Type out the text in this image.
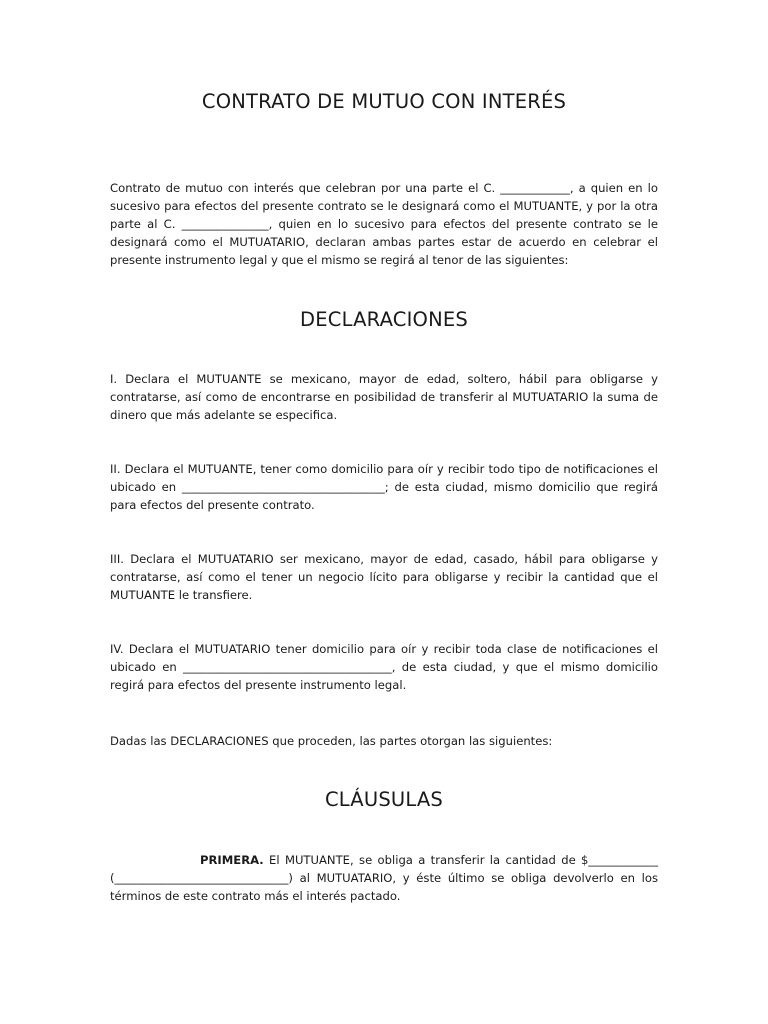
CONTRATO DE MUTUO CON INTERÉS

Contrato de mutuo con interés que celebran por una parte el C. ____________, a quien en lo sucesivo para efectos del presente contrato se le designará como el MUTUANTE, y por la otra parte al C. _______________, quien en lo sucesivo para efectos del presente contrato se le designará como el MUTUATARIO, declaran ambas partes estar de acuerdo en celebrar el presente instrumento legal y que el mismo se regirá al tenor de las siguientes:

DECLARACIONES

I. Declara el MUTUANTE se mexicano, mayor de edad, soltero, hábil para obligarse y contratarse, así como de encontrarse en posibilidad de transferir al MUTUATARIO la suma de dinero que más adelante se especifica.

II. Declara el MUTUANTE, tener como domicilio para oír y recibir todo tipo de notificaciones el ubicado en ___________________________________; de esta ciudad, mismo domicilio que regirá para efectos del presente contrato.

III. Declara el MUTUATARIO ser mexicano, mayor de edad, casado, hábil para obligarse y contratarse, así como el tener un negocio lícito para obligarse y recibir la cantidad que el MUTUANTE le transfiere.

IV. Declara el MUTUATARIO tener domicilio para oír y recibir toda clase de notificaciones el ubicado en ____________________________________, de esta ciudad, y que el mismo domicilio regirá para efectos del presente instrumento legal.

Dadas las DECLARACIONES que proceden, las partes otorgan las siguientes:

CLÁUSULAS

PRIMERA. El MUTUANTE, se obliga a transferir la cantidad de $____________ (______________________________) al MUTUATARIO, y éste último se obliga devolverlo en los términos de este contrato más el interés pactado.
